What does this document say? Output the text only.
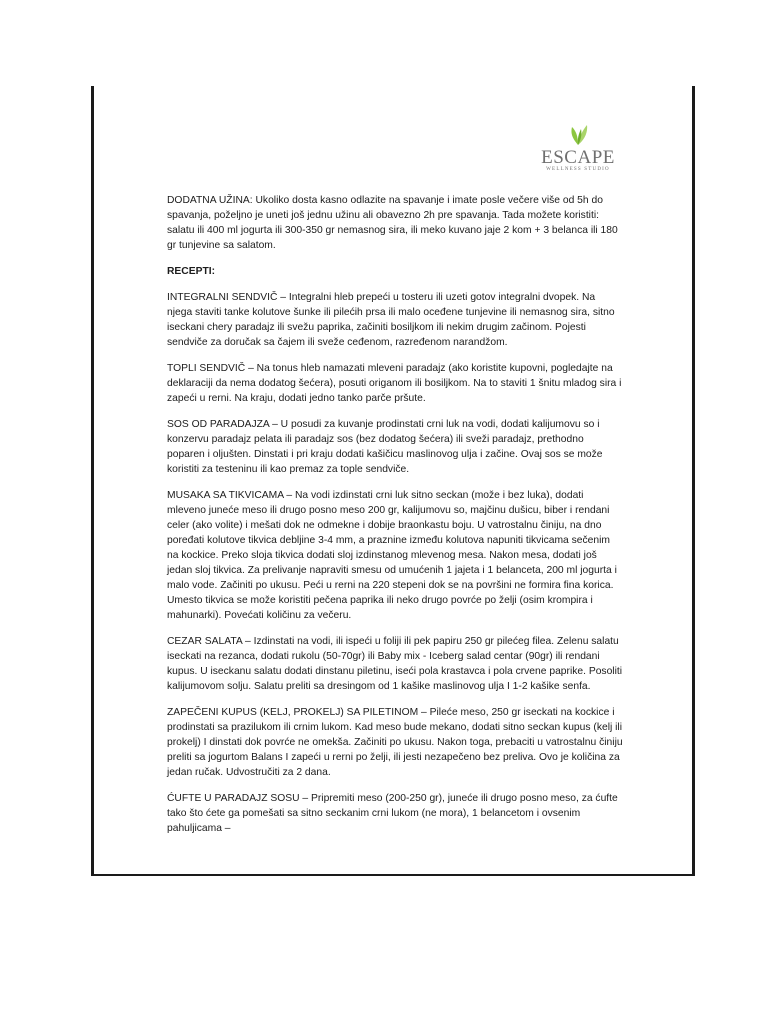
ESCAPE
WELLNESS STUDIO

DODATNA UŽINA: Ukoliko dosta kasno odlazite na spavanje i imate posle večere više od 5h do spavanja, poželjno je uneti još jednu užinu ali obavezno 2h pre spavanja. Tada možete koristiti: salatu ili 400 ml jogurta ili 300-350 gr nemasnog sira, ili meko kuvano jaje 2 kom + 3 belanca ili 180 gr tunjevine sa salatom.

RECEPTI:

INTEGRALNI SENDVIČ – Integralni hleb prepeći u tosteru ili uzeti gotov integralni dvopek. Na njega staviti tanke kolutove šunke ili pilećih prsa ili malo oceđene tunjevine ili nemasnog sira, sitno iseckani chery paradajz ili svežu paprika, začiniti bosiljkom ili nekim drugim začinom. Pojesti sendviče za doručak sa čajem ili sveže ceđenom, razređenom narandžom.

TOPLI SENDVIČ – Na tonus hleb namazati mleveni paradajz (ako koristite kupovni, pogledajte na deklaraciji da nema dodatog šećera), posuti origanom ili bosiljkom. Na to staviti 1 šnitu mladog sira i zapeći u rerni. Na kraju, dodati jedno tanko parče pršute.

SOS OD PARADAJZA – U posudi za kuvanje prodinstati crni luk na vodi, dodati kalijumovu so i konzervu paradajz pelata ili paradajz sos (bez dodatog šećera) ili sveži paradajz, prethodno poparen i oljušten. Dinstati i pri kraju dodati kašičicu maslinovog ulja i začine. Ovaj sos se može koristiti za testeninu ili kao premaz za tople sendviče.

MUSAKA SA TIKVICAMA – Na vodi izdinstati crni luk sitno seckan (može i bez luka), dodati mleveno juneće meso ili drugo posno meso 200 gr, kalijumovu so, majčinu dušicu, biber i rendani celer (ako volite) i mešati dok ne odmekne i dobije braonkastu boju. U vatrostalnu činiju, na dno poređati kolutove tikvica debljine 3-4 mm, a praznine između kolutova napuniti tikvicama sečenim na kockice. Preko sloja tikvica dodati sloj izdinstanog mlevenog mesa. Nakon mesa, dodati još jedan sloj tikvica. Za prelivanje napraviti smesu od umućenih 1 jajeta i 1 belanceta, 200 ml jogurta i malo vode. Začiniti po ukusu. Peći u rerni na 220 stepeni dok se na površini ne formira fina korica. Umesto tikvica se može koristiti pečena paprika ili neko drugo povrće po želji (osim krompira i mahunarki). Povećati količinu za večeru.

CEZAR SALATA – Izdinstati na vodi, ili ispeći u foliji ili pek papiru 250 gr pilećeg filea. Zelenu salatu iseckati na rezanca, dodati rukolu (50-70gr) ili Baby mix - Iceberg salad centar (90gr) ili rendani kupus. U iseckanu salatu dodati dinstanu piletinu, iseći pola krastavca i pola crvene paprike. Posoliti kalijumovom solju. Salatu preliti sa dresingom od 1 kašike maslinovog ulja I 1-2 kašike senfa.

ZAPEČENI KUPUS (KELJ, PROKELJ) SA PILETINOM – Pileće meso, 250 gr iseckati na kockice i prodinstati sa prazilukom ili crnim lukom. Kad meso bude mekano, dodati sitno seckan kupus (kelj ili prokelj) I dinstati dok povrće ne omekša. Začiniti po ukusu. Nakon toga, prebaciti u vatrostalnu činiju preliti sa jogurtom Balans I zapeći u rerni po želji, ili jesti nezapečeno bez preliva. Ovo je količina za jedan ručak. Udvostručiti za 2 dana.

ĆUFTE U PARADAJZ SOSU – Pripremiti meso (200-250 gr), juneće ili drugo posno meso, za ćufte tako što ćete ga pomešati sa sitno seckanim crni lukom (ne mora), 1 belancetom i ovsenim pahuljicama –
